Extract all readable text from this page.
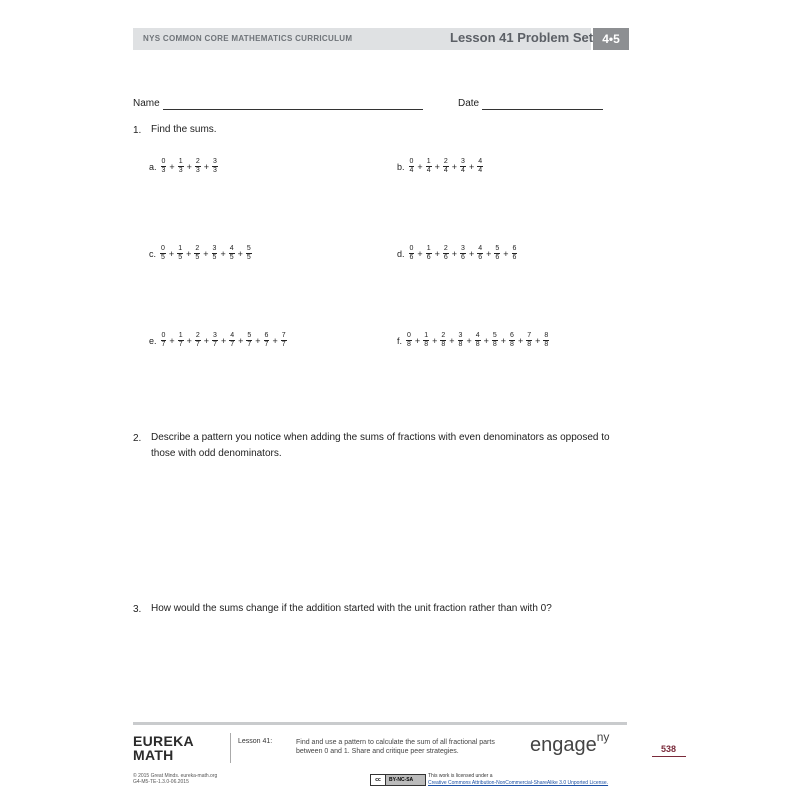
NYS COMMON CORE MATHEMATICS CURRICULUM	Lesson 41 Problem Set 4•5
Name	Date
1. Find the sums.
a. $\frac{0}{3} + \frac{1}{3} + \frac{2}{3} + \frac{3}{3}$	b. $\frac{0}{4} + \frac{1}{4} + \frac{2}{4} + \frac{3}{4} + \frac{4}{4}$
c. $\frac{0}{5} + \frac{1}{5} + \frac{2}{5} + \frac{3}{5} + \frac{4}{5} + \frac{5}{5}$	d. $\frac{0}{6} + \frac{1}{6} + \frac{2}{6} + \frac{3}{6} + \frac{4}{6} + \frac{5}{6} + \frac{6}{6}$
e. $\frac{0}{7} + \frac{1}{7} + \frac{2}{7} + \frac{3}{7} + \frac{4}{7} + \frac{5}{7} + \frac{6}{7} + \frac{7}{7}$	f. $\frac{0}{8} + \frac{1}{8} + \frac{2}{8} + \frac{3}{8} + \frac{4}{8} + \frac{5}{8} + \frac{6}{8} + \frac{7}{8} + \frac{8}{8}$
2. Describe a pattern you notice when adding the sums of fractions with even denominators as opposed to
those with odd denominators.
3. How would the sums change if the addition started with the unit fraction rather than with 0?
EUREKA
MATH
Lesson 41:	Find and use a pattern to calculate the sum of all fractional parts
between 0 and 1. Share and critique peer strategies.	engage$^{ny}$
538
© 2015 Great Minds. eureka-math.org
G4-M5-TE-1.3.0-06.2015	cc	BY-NC-SA
This work is licensed under a
Creative Commons Attribution-NonCommercial-ShareAlike 3.0 Unported License.
